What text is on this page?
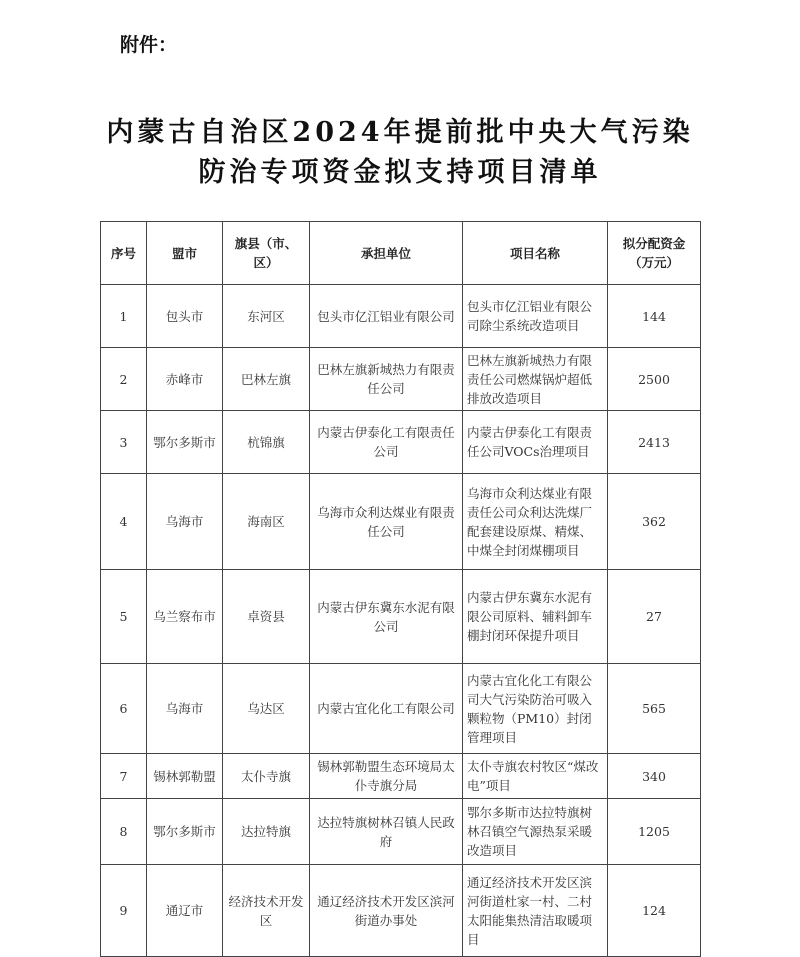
附件：
内蒙古自治区2024年提前批中央大气污染
防治专项资金拟支持项目清单
序号	盟市	旗县（市、区）	承担单位	项目名称	拟分配资金（万元）
1	包头市	东河区	包头市亿江铝业有限公司	包头市亿江铝业有限公司除尘系统改造项目	144
2	赤峰市	巴林左旗	巴林左旗新城热力有限责任公司	巴林左旗新城热力有限责任公司燃煤锅炉超低排放改造项目	2500
3	鄂尔多斯市	杭锦旗	内蒙古伊泰化工有限责任公司	内蒙古伊泰化工有限责任公司VOCs治理项目	2413
4	乌海市	海南区	乌海市众利达煤业有限责任公司	乌海市众利达煤业有限责任公司众利达洗煤厂配套建设原煤、精煤、中煤全封闭煤棚项目	362
5	乌兰察布市	卓资县	内蒙古伊东冀东水泥有限公司	内蒙古伊东冀东水泥有限公司原料、辅料卸车棚封闭环保提升项目	27
6	乌海市	乌达区	内蒙古宜化化工有限公司	内蒙古宜化化工有限公司大气污染防治可吸入颗粒物（PM10）封闭管理项目	565
7	锡林郭勒盟	太仆寺旗	锡林郭勒盟生态环境局太仆寺旗分局	太仆寺旗农村牧区“煤改电”项目	340
8	鄂尔多斯市	达拉特旗	达拉特旗树林召镇人民政府	鄂尔多斯市达拉特旗树林召镇空气源热泵采暖改造项目	1205
9	通辽市	经济技术开发区	通辽经济技术开发区滨河街道办事处	通辽经济技术开发区滨河街道杜家一村、二村太阳能集热清洁取暖项目	124
